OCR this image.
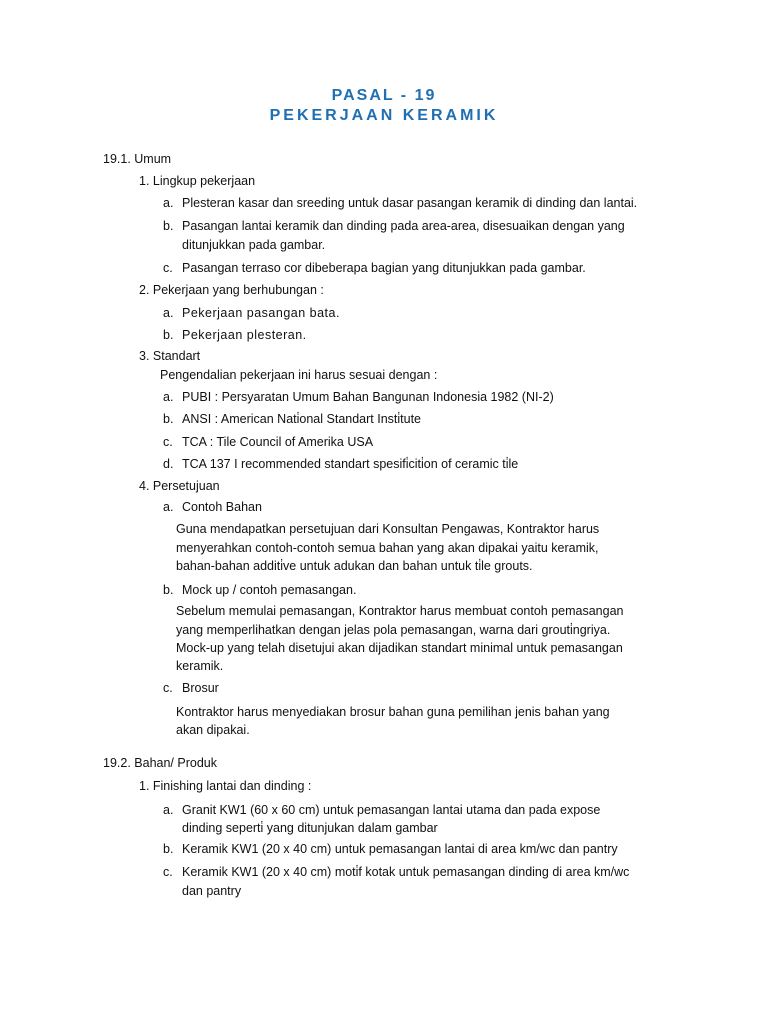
PASAL - 19
PEKERJAAN KERAMIK
19.1. Umum
1. Lingkup pekerjaan
a. Plesteran kasar dan sreeding untuk dasar pasangan keramik di dinding dan lantai.
b. Pasangan lantai keramik dan dinding pada area-area, disesuaikan dengan yang
ditunjukkan pada gambar.
c. Pasangan terraso cor dibeberapa bagian yang ditunjukkan pada gambar.
2. Pekerjaan yang berhubungan :
a. Pekerjaan pasangan bata.
b. Pekerjaan plesteran.
3. Standart
Pengendalian pekerjaan ini harus sesuai dengan :
a. PUBI : Persyaratan Umum Bahan Bangunan Indonesia 1982 (NI-2)
b. ANSI : American Nati̇onal Standart Insti̇tute
c. TCA : Tile Council of Amerika USA
d. TCA 137 I recommended standart spesifi̇citi̇on of ceramic ti̇le
4. Persetujuan
a. Contoh Bahan
Guna mendapatkan persetujuan dari Konsultan Pengawas, Kontraktor harus
menyerahkan contoh-contoh semua bahan yang akan dipakai yaitu keramik,
bahan-bahan additi̇ve untuk adukan dan bahan untuk ti̇le grouts.
b. Mock up / contoh pemasangan.
Sebelum memulai pemasangan, Kontraktor harus membuat contoh pemasangan
yang memperlihatkan dengan jelas pola pemasangan, warna dari grouti̇ngriya.
Mock-up yang telah disetujui akan dijadikan standart minimal untuk pemasangan
keramik.
c. Brosur
Kontraktor harus menyediakan brosur bahan guna pemilihan jenis bahan yang
akan dipakai.
19.2. Bahan/ Produk
1. Finishing lantai dan dinding :
a. Granit KW1 (60 x 60 cm) untuk pemasangan lantai utama dan pada expose
dinding seperti̇ yang ditunjukan dalam gambar
b. Keramik KW1 (20 x 40 cm) untuk pemasangan lantai di area km/wc dan pantry
c. Keramik KW1 (20 x 40 cm) moti̇f kotak untuk pemasangan dinding di area km/wc
dan pantry
